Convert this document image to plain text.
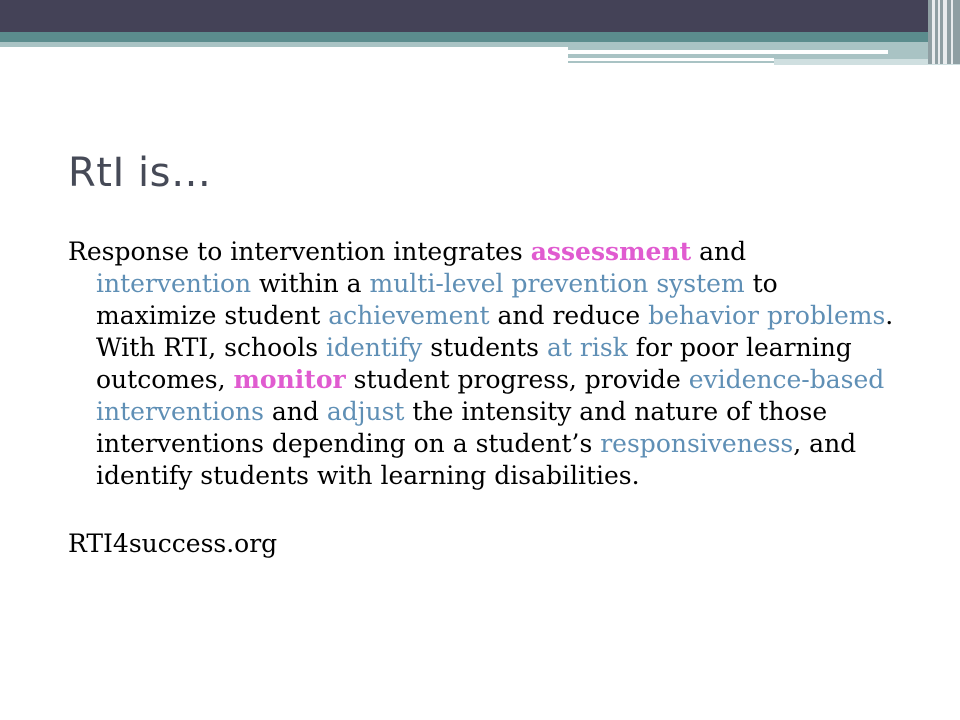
RtI is…

Response to intervention integrates assessment and intervention within a multi-level prevention system to maximize student achievement and reduce behavior problems. With RTI, schools identify students at risk for poor learning outcomes, monitor student progress, provide evidence-based interventions and adjust the intensity and nature of those interventions depending on a student’s responsiveness, and identify students with learning disabilities.

RTI4success.org
